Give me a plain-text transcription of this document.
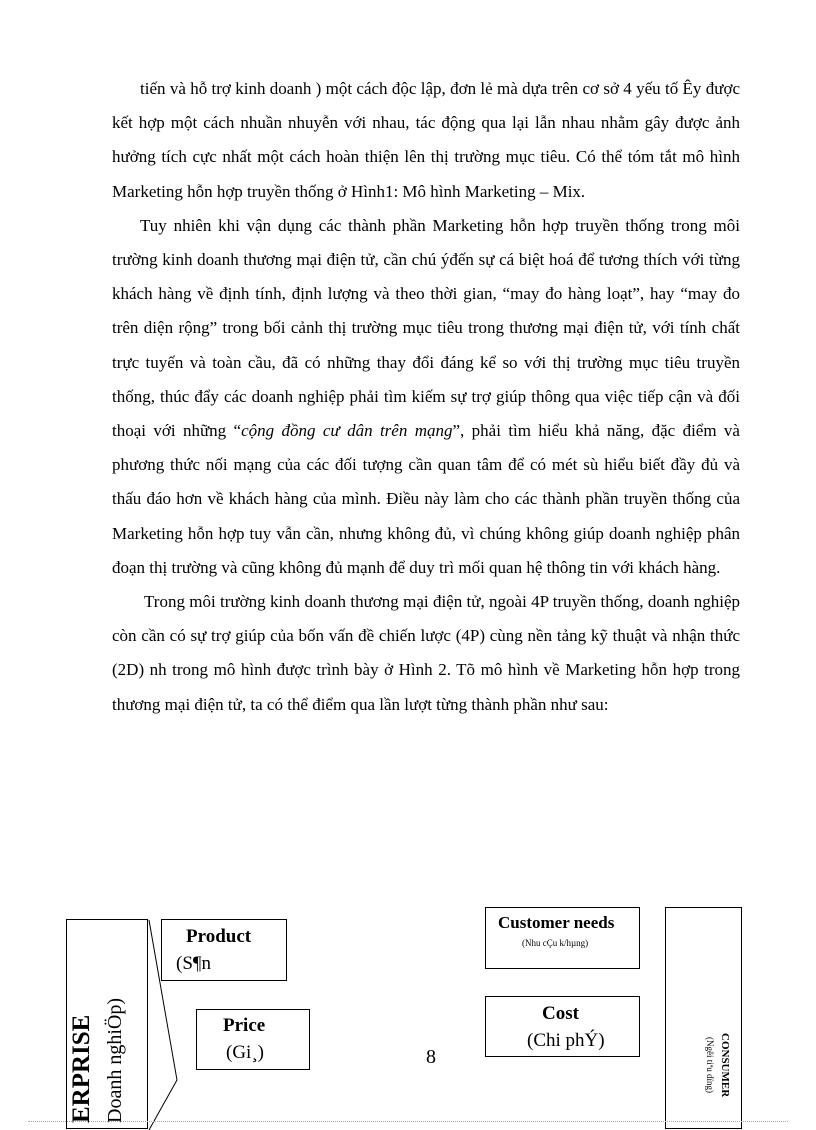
tiến và hỗ trợ kinh doanh ) một cách độc lập, đơn lẻ mà dựa trên cơ sở 4 yếu tố Êy được kết hợp một cách nhuần nhuyễn với nhau, tác động qua lại lẫn nhau nhằm gây được ảnh hưởng tích cực nhất một cách hoàn thiện lên thị trường mục tiêu. Có thể tóm tắt mô hình Marketing hỗn hợp truyền thống ở Hình1: Mô hình Marketing – Mix.

Tuy nhiên khi vận dụng các thành phần Marketing hỗn hợp truyền thống trong môi trường kinh doanh thương mại điện tử, cần chú ýđến sự cá biệt hoá để tương thích với từng khách hàng về định tính, định lượng và theo thời gian, “may đo hàng loạt”, hay “may đo trên diện rộng” trong bối cảnh thị trường mục tiêu trong thương mại điện tử, với tính chất trực tuyến và toàn cầu, đã có những thay đổi đáng kể so với thị trường mục tiêu truyền thống, thúc đẩy các doanh nghiệp phải tìm kiếm sự trợ giúp thông qua việc tiếp cận và đối thoại với những “cộng đồng cư dân trên mạng”, phải tìm hiểu khả năng, đặc điểm và phương thức nối mạng của các đối tượng cần quan tâm để có mét sù hiểu biết đầy đủ và thấu đáo hơn về khách hàng của mình. Điều này làm cho các thành phần truyền thống của Marketing hỗn hợp tuy vẫn cần, nhưng không đủ, vì chúng không giúp doanh nghiệp phân đoạn thị trường và cũng không đủ mạnh để duy trì mối quan hệ thông tin với khách hàng.

Trong môi trường kinh doanh thương mại điện tử, ngoài 4P truyền thống, doanh nghiệp còn cần có sự trợ giúp của bốn vấn đề chiến lược (4P) cùng nền tảng kỹ thuật và nhận thức (2D) nh trong mô hình được trình bày ở Hình 2. Tõ mô hình về Marketing hỗn hợp trong thương mại điện tử, ta có thể điểm qua lần lượt từng thành phần như sau:

ERPRISE Doanh nghiÖp)
Product
(S¶n
Price
(Gi¸)
Customer needs
(Nhu cÇu k/hµng)
Cost
(Chi phÝ)	CONSUMER
(Ngêi tiªu dïng)
8
